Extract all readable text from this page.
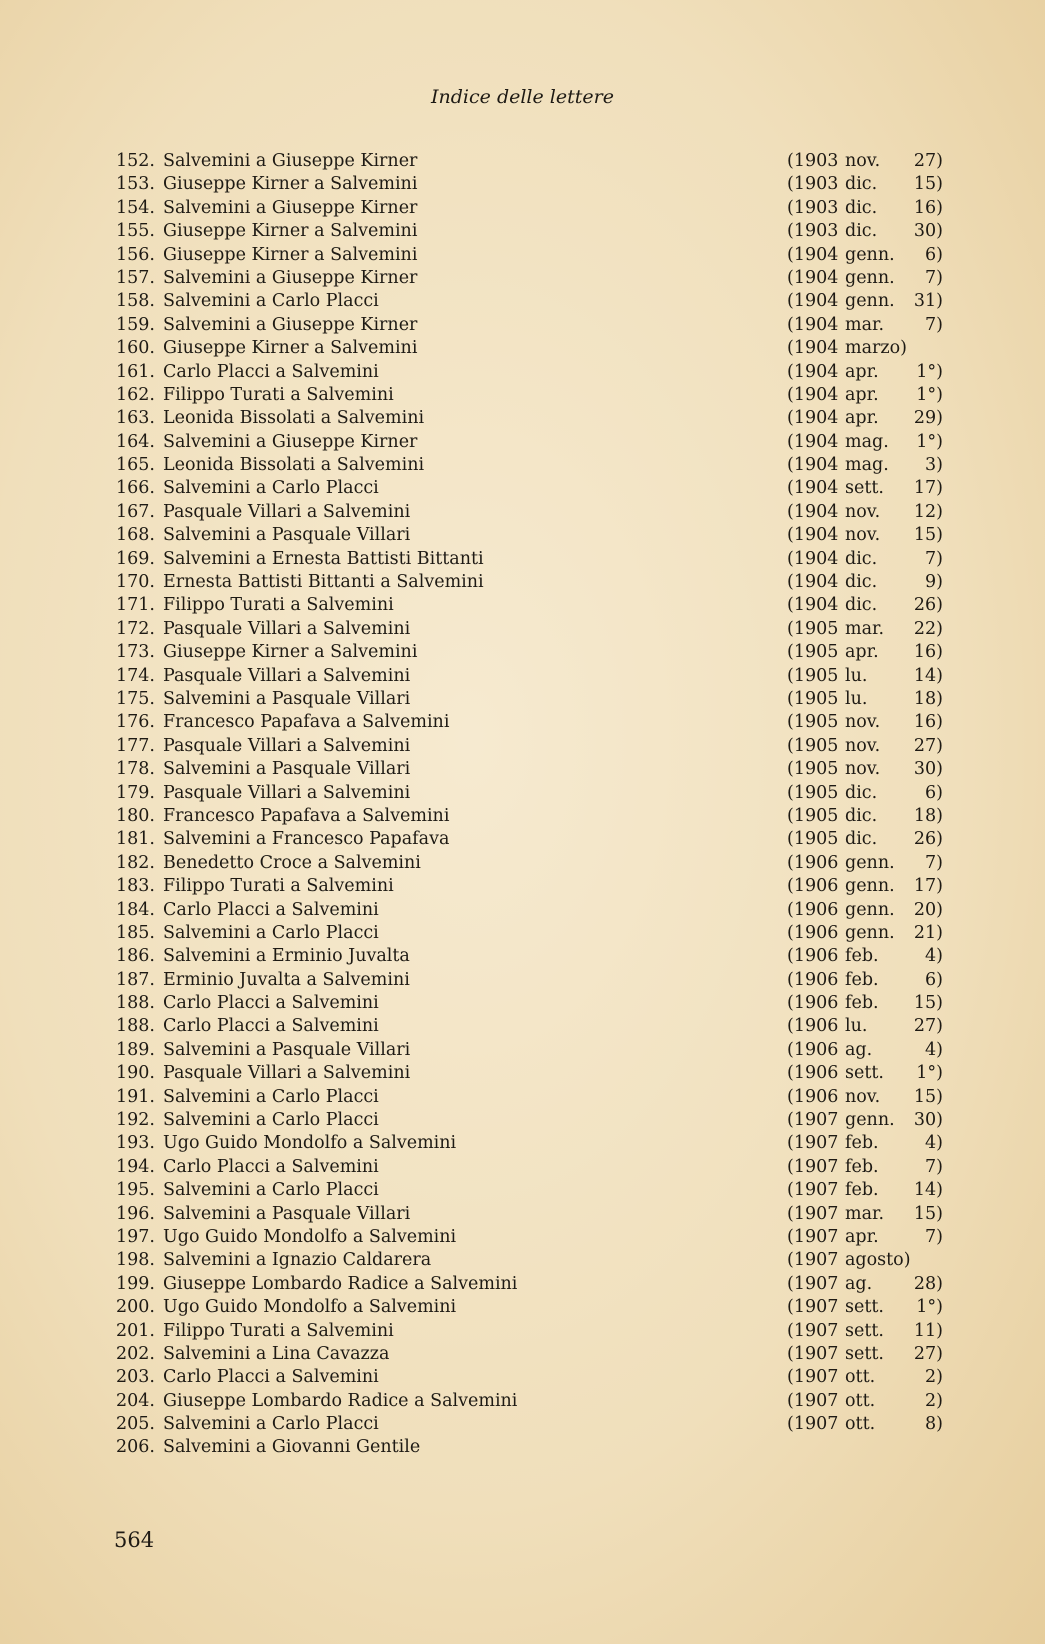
Indice delle lettere
152. Salvemini a Giuseppe Kirner	(1903 nov. 27)
153. Giuseppe Kirner a Salvemini	(1903 dic. 15)
154. Salvemini a Giuseppe Kirner	(1903 dic. 16)
155. Giuseppe Kirner a Salvemini	(1903 dic. 30)
156. Giuseppe Kirner a Salvemini	(1904 genn. 6)
157. Salvemini a Giuseppe Kirner	(1904 genn. 7)
158. Salvemini a Carlo Placci	(1904 genn. 31)
159. Salvemini a Giuseppe Kirner	(1904 mar. 7)
160. Giuseppe Kirner a Salvemini	(1904 marzo)
161. Carlo Placci a Salvemini	(1904 apr. 1°)
162. Filippo Turati a Salvemini	(1904 apr. 1°)
163. Leonida Bissolati a Salvemini	(1904 apr. 29)
164. Salvemini a Giuseppe Kirner	(1904 mag. 1°)
165. Leonida Bissolati a Salvemini	(1904 mag. 3)
166. Salvemini a Carlo Placci	(1904 sett. 17)
167. Pasquale Villari a Salvemini	(1904 nov. 12)
168. Salvemini a Pasquale Villari	(1904 nov. 15)
169. Salvemini a Ernesta Battisti Bittanti	(1904 dic.	7)
170. Ernesta Battisti Bittanti a Salvemini	(1904 dic.	9)
171. Filippo Turati a Salvemini	(1904 dic. 26)
172. Pasquale Villari a Salvemini	(1905 mar. 22)
173. Giuseppe Kirner a Salvemini	(1905 apr. 16)
174. Pasquale Villari a Salvemini	(1905 lu.	14)
175. Salvemini a Pasquale Villari	(1905 lu.	18)
176. Francesco Papafava a Salvemini	(1905 nov. 16)
177. Pasquale Villari a Salvemini	(1905 nov. 27)
178. Salvemini a Pasquale Villari	(1905 nov. 30)
179. Pasquale Villari a Salvemini	(1905 dic.	6)
180. Francesco Papafava a Salvemini	(1905 dic. 18)
181. Salvemini a Francesco Papafava	(1905 dic. 26)
182. Benedetto Croce a Salvemini	(1906 genn. 7)
183. Filippo Turati a Salvemini	(1906 genn. 17)
184. Carlo Placci a Salvemini	(1906 genn. 20)
185. Salvemini a Carlo Placci	(1906 genn. 21)
186. Salvemini a Erminio Juvalta	(1906 feb.	4)
187. Erminio Juvalta a Salvemini	(1906 feb.	6)
188. Carlo Placci a Salvemini	(1906 feb. 15)
188. Carlo Placci a Salvemini	(1906 lu.	27)
189. Salvemini a Pasquale Villari	(1906 ag.	4)
190. Pasquale Villari a Salvemini	(1906 sett. 1°)
191. Salvemini a Carlo Placci	(1906 nov. 15)
192. Salvemini a Carlo Placci	(1907 genn. 30)
193. Ugo Guido Mondolfo a Salvemini	(1907 feb.	4)
194. Carlo Placci a Salvemini	(1907 feb.	7)
195. Salvemini a Carlo Placci	(1907 feb. 14)
196. Salvemini a Pasquale Villari	(1907 mar. 15)
197. Ugo Guido Mondolfo a Salvemini	(1907 apr.	7)
198. Salvemini a Ignazio Caldarera	(1907 agosto)
199. Giuseppe Lombardo Radice a Salvemini	(1907 ag. 28)
200. Ugo Guido Mondolfo a Salvemini	(1907 sett. 1°)
201. Filippo Turati a Salvemini	(1907 sett. 11)
202. Salvemini a Lina Cavazza	(1907 sett. 27)
203. Carlo Placci a Salvemini	(1907 ott.	2)
204. Giuseppe Lombardo Radice a Salvemini	(1907 ott.	2)
205. Salvemini a Carlo Placci	(1907 ott.	8)
206. Salvemini a Giovanni Gentile
564
